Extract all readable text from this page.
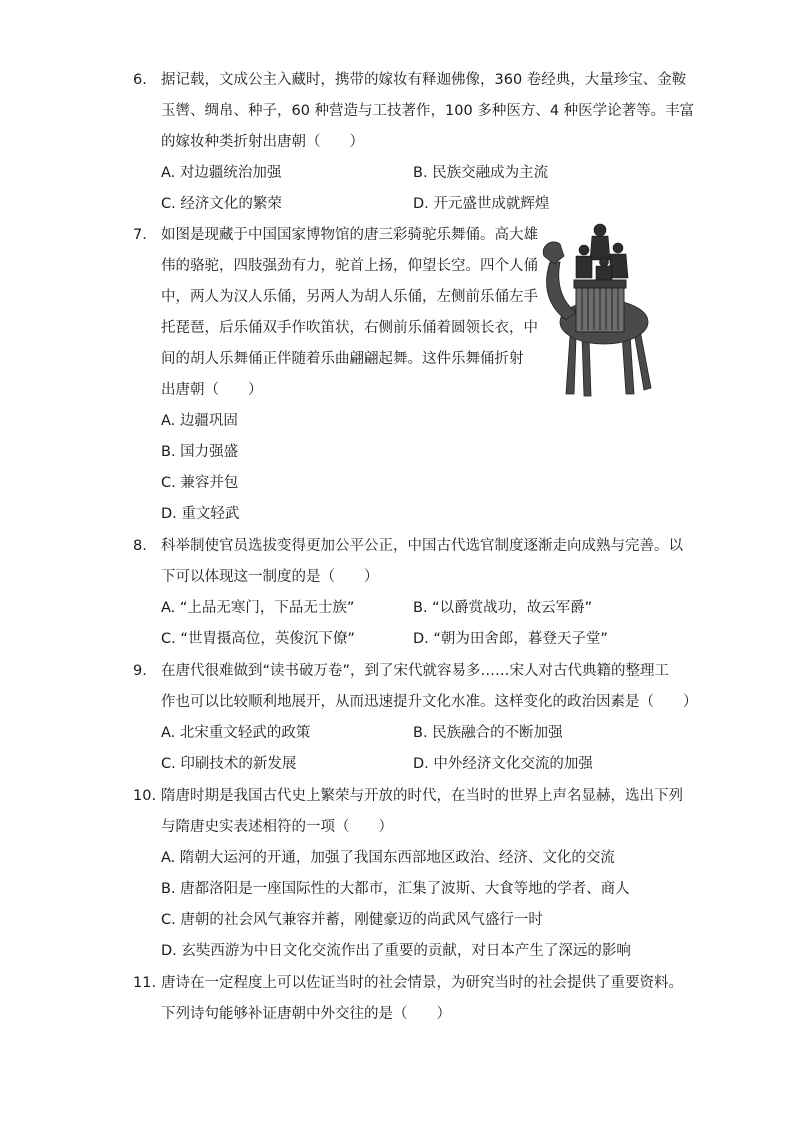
6. 据记载，文成公主入藏时，携带的嫁妆有释迦佛像，360 卷经典，大量珍宝、金鞍
玉辔、绸帛、种子，60 种营造与工技著作，100 多种医方、4 种医学论著等。丰富
的嫁妆种类折射出唐朝（　　）
A. 对边疆统治加强	B. 民族交融成为主流
C. 经济文化的繁荣	D. 开元盛世成就辉煌
7. 如图是现藏于中国国家博物馆的唐三彩骑驼乐舞俑。高大雄
伟的骆驼，四肢强劲有力，驼首上扬，仰望长空。四个人俑
中，两人为汉人乐俑，另两人为胡人乐俑，左侧前乐俑左手
托琵琶，后乐俑双手作吹笛状，右侧前乐俑着圆领长衣，中
间的胡人乐舞俑正伴随着乐曲翩翩起舞。这件乐舞俑折射
出唐朝（　　）
A. 边疆巩固
B. 国力强盛
C. 兼容并包
D. 重文轻武
8. 科举制使官员选拔变得更加公平公正，中国古代选官制度逐渐走向成熟与完善。以
下可以体现这一制度的是（　　）
A. “上品无寒门，下品无士族”	B. “以爵赏战功，故云军爵”
C. “世胄摄高位，英俊沉下僚”	D. “朝为田舍郎，暮登天子堂”
9. 在唐代很难做到“读书破万卷”，到了宋代就容易多……宋人对古代典籍的整理工
作也可以比较顺利地展开，从而迅速提升文化水准。这样变化的政治因素是（　　）
A. 北宋重文轻武的政策	B. 民族融合的不断加强
C. 印刷技术的新发展	D. 中外经济文化交流的加强
10. 隋唐时期是我国古代史上繁荣与开放的时代，在当时的世界上声名显赫，选出下列
与隋唐史实表述相符的一项（　　）
A. 隋朝大运河的开通，加强了我国东西部地区政治、经济、文化的交流
B. 唐都洛阳是一座国际性的大都市，汇集了波斯、大食等地的学者、商人
C. 唐朝的社会风气兼容并蓄，刚健豪迈的尚武风气盛行一时
D. 玄奘西游为中日文化交流作出了重要的贡献，对日本产生了深远的影响
11. 唐诗在一定程度上可以佐证当时的社会情景，为研究当时的社会提供了重要资料。
下列诗句能够补证唐朝中外交往的是（　　）
